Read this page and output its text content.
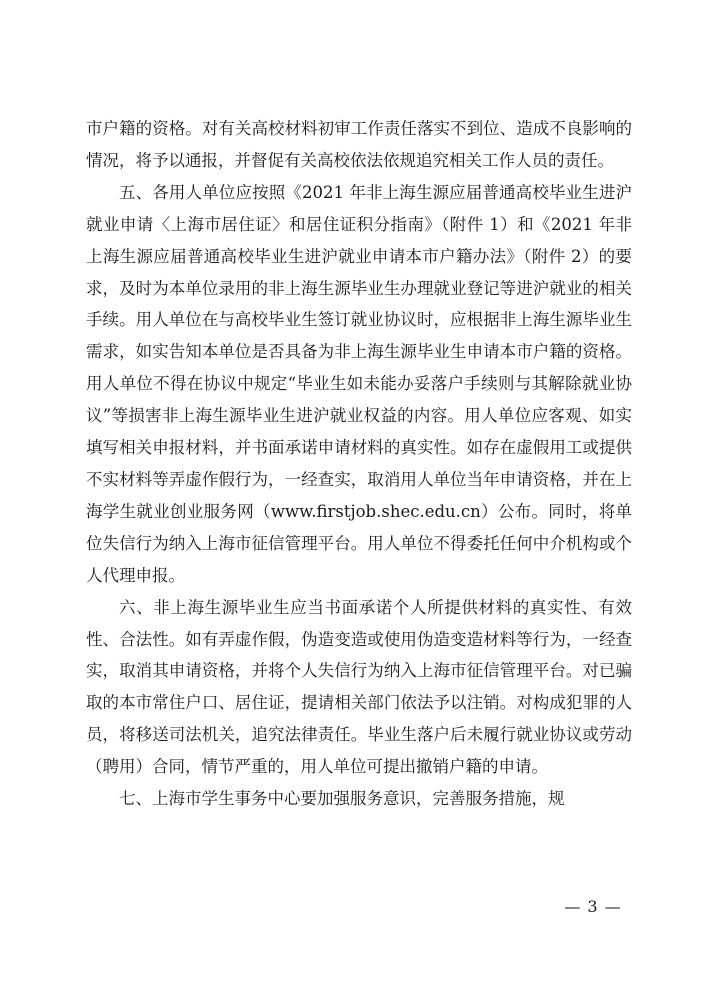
市户籍的资格。对有关高校材料初审工作责任落实不到位、造成不良影响的情况，将予以通报，并督促有关高校依法依规追究相关工作人员的责任。

五、各用人单位应按照《2021 年非上海生源应届普通高校毕业生进沪就业申请〈上海市居住证〉和居住证积分指南》（附件 1）和《2021 年非上海生源应届普通高校毕业生进沪就业申请本市户籍办法》（附件 2）的要求，及时为本单位录用的非上海生源毕业生办理就业登记等进沪就业的相关手续。用人单位在与高校毕业生签订就业协议时，应根据非上海生源毕业生需求，如实告知本单位是否具备为非上海生源毕业生申请本市户籍的资格。用人单位不得在协议中规定“毕业生如未能办妥落户手续则与其解除就业协议”等损害非上海生源毕业生进沪就业权益的内容。用人单位应客观、如实填写相关申报材料，并书面承诺申请材料的真实性。如存在虚假用工或提供不实材料等弄虚作假行为，一经查实，取消用人单位当年申请资格，并在上海学生就业创业服务网（www.firstjob.shec.edu.cn）公布。同时，将单位失信行为纳入上海市征信管理平台。用人单位不得委托任何中介机构或个人代理申报。

六、非上海生源毕业生应当书面承诺个人所提供材料的真实性、有效性、合法性。如有弄虚作假，伪造变造或使用伪造变造材料等行为，一经查实，取消其申请资格，并将个人失信行为纳入上海市征信管理平台。对已骗取的本市常住户口、居住证，提请相关部门依法予以注销。对构成犯罪的人员，将移送司法机关，追究法律责任。毕业生落户后未履行就业协议或劳动（聘用）合同，情节严重的，用人单位可提出撤销户籍的申请。

七、上海市学生事务中心要加强服务意识，完善服务措施，规

— 3 —
